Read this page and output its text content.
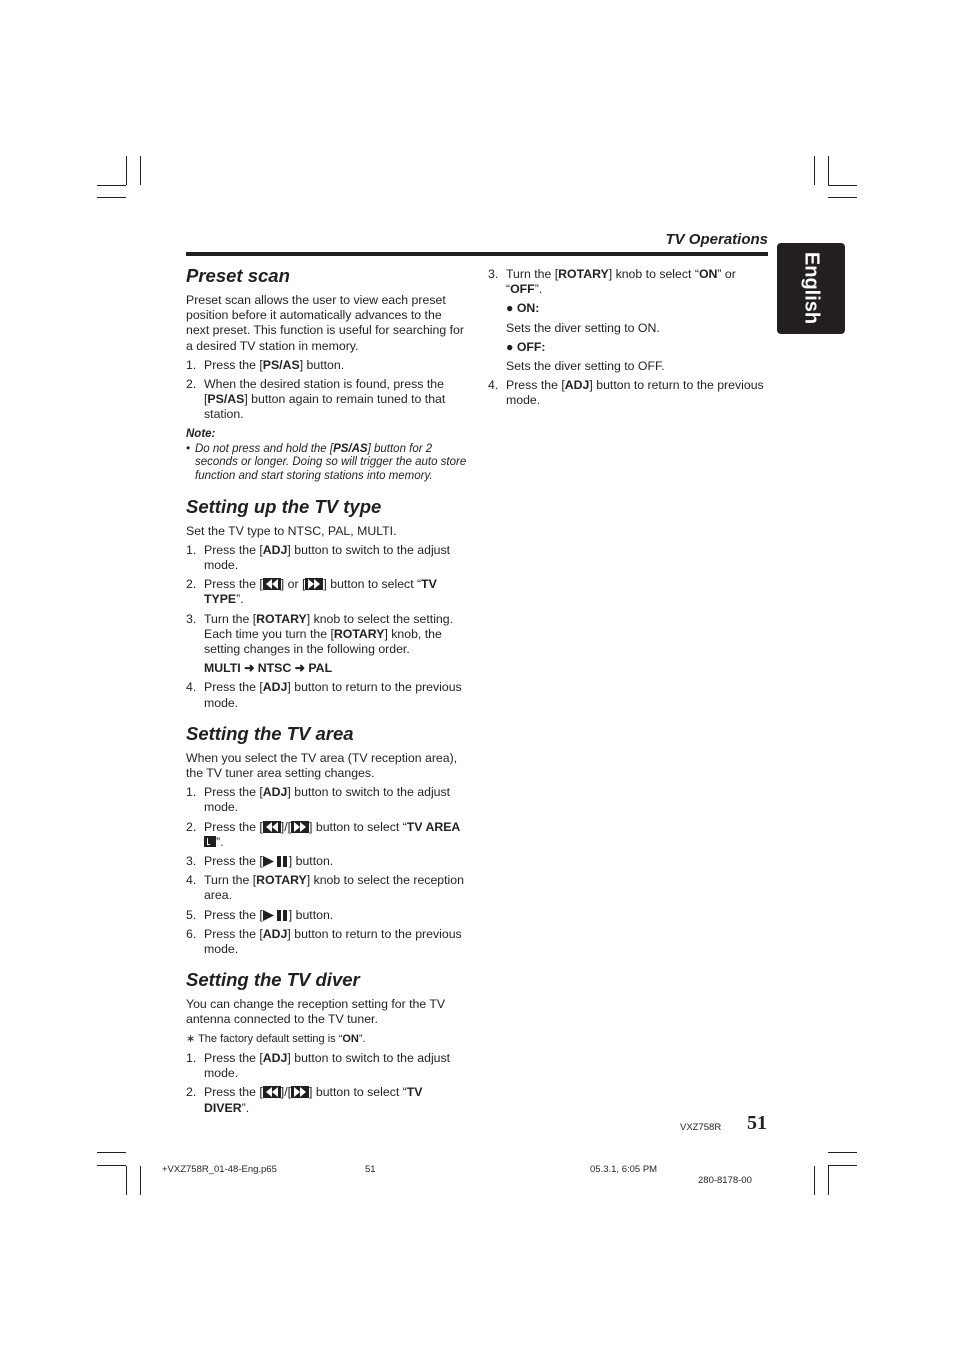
TV Operations
English
Preset scan

Preset scan allows the user to view each preset position before it automatically advances to the next preset. This function is useful for searching for a desired TV station in memory.

1. Press the [PS/AS] button.
2. When the desired station is found, press the [PS/AS] button again to remain tuned to that station.
Note:
• Do not press and hold the [PS/AS] button for 2 seconds or longer. Doing so will trigger the auto store function and start storing stations into memory.
Setting up the TV type

Set the TV type to NTSC, PAL, MULTI.

1. Press the [ADJ] button to switch to the adjust mode.
2. Press the [ ] or [ ] button to select “TV TYPE”.
3. Turn the [ROTARY] knob to select the setting. Each time you turn the [ROTARY] knob, the setting changes in the following order.
MULTI ➜ NTSC ➜ PAL
4. Press the [ADJ] button to return to the previous mode.
Setting the TV area

When you select the TV area (TV reception area), the TV tuner area setting changes.

1. Press the [ADJ] button to switch to the adjust mode.
2. Press the [ ]/[ ] button to select “TV AREA ”.
3. Press the [ ] button.
4. Turn the [ROTARY] knob to select the reception area.
5. Press the [ ] button.
6. Press the [ADJ] button to return to the previous mode.
Setting the TV diver

You can change the reception setting for the TV antenna connected to the TV tuner.

∗ The factory default setting is “ON”.

1. Press the [ADJ] button to switch to the adjust mode.
2. Press the [ ]/[ ] button to select “TV DIVER”.
3. Turn the [ROTARY] knob to select “ON” or “OFF”.
● ON:
Sets the diver setting to ON.
● OFF:
Sets the diver setting to OFF.
4. Press the [ADJ] button to return to the previous mode.
VXZ758R 51
+VXZ758R_01-48-Eng.p65	51	05.3.1, 6:05 PM
280-8178-00
